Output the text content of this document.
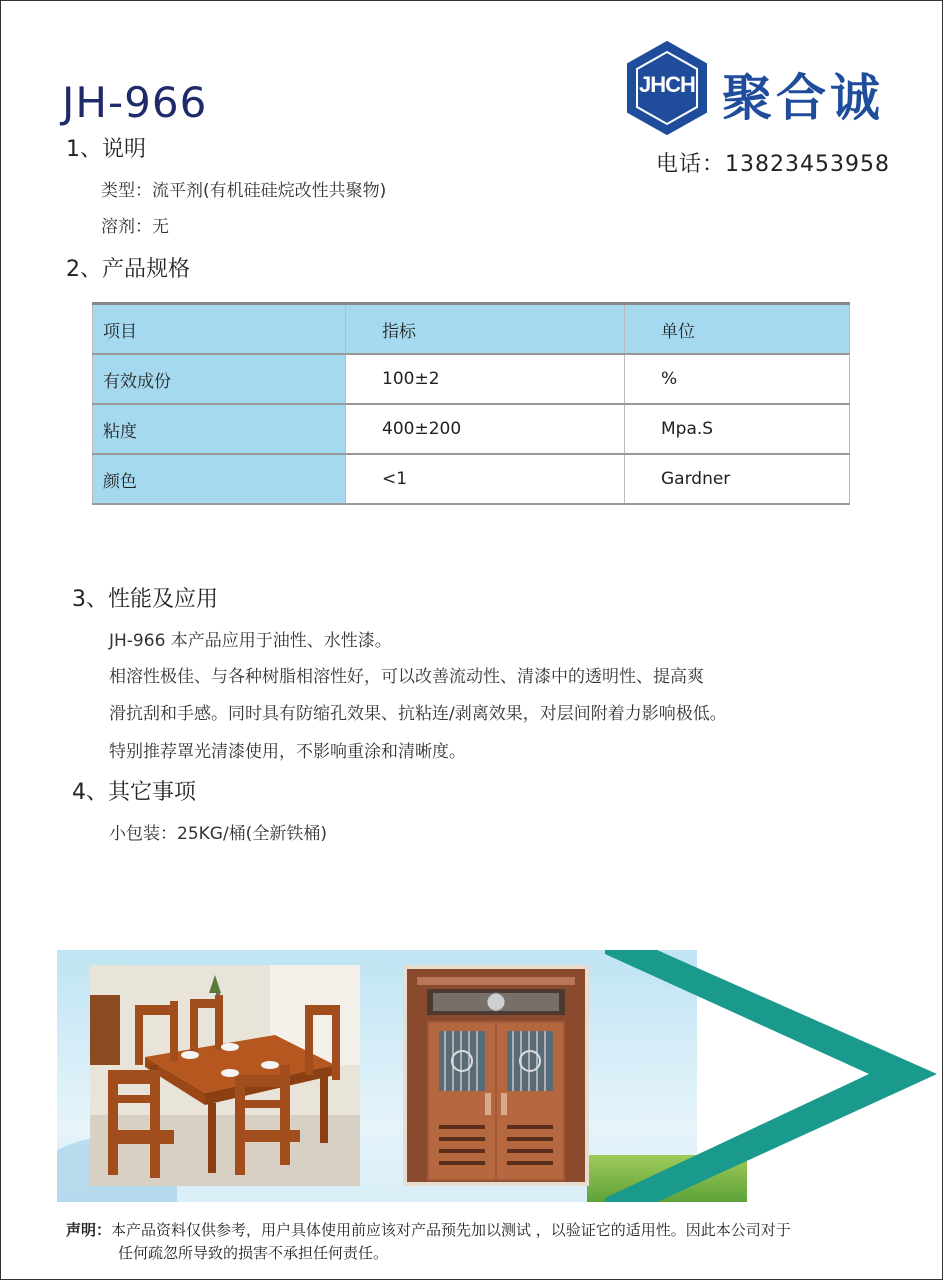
JH-966	JHCH 聚合诚
电话：13823453958
1、说明
类型：流平剂(有机硅硅烷改性共聚物)
溶剂：无
2、产品规格
项目	指标	单位
有效成份	100±2	%
粘度	400±200	Mpa.S
颜色	<1	Gardner
3、性能及应用
JH-966 本产品应用于油性、水性漆。
相溶性极佳、与各种树脂相溶性好，可以改善流动性、清漆中的透明性、提高爽
滑抗刮和手感。同时具有防缩孔效果、抗粘连/剥离效果，对层间附着力影响极低。
特别推荐罩光清漆使用，不影响重涂和清晰度。
4、其它事项
小包装：25KG/桶(全新铁桶)
声明：本产品资料仅供参考，用户具体使用前应该对产品预先加以测试 ，以验证它的适用性。因此本公司对于
任何疏忽所导致的损害不承担任何责任。
